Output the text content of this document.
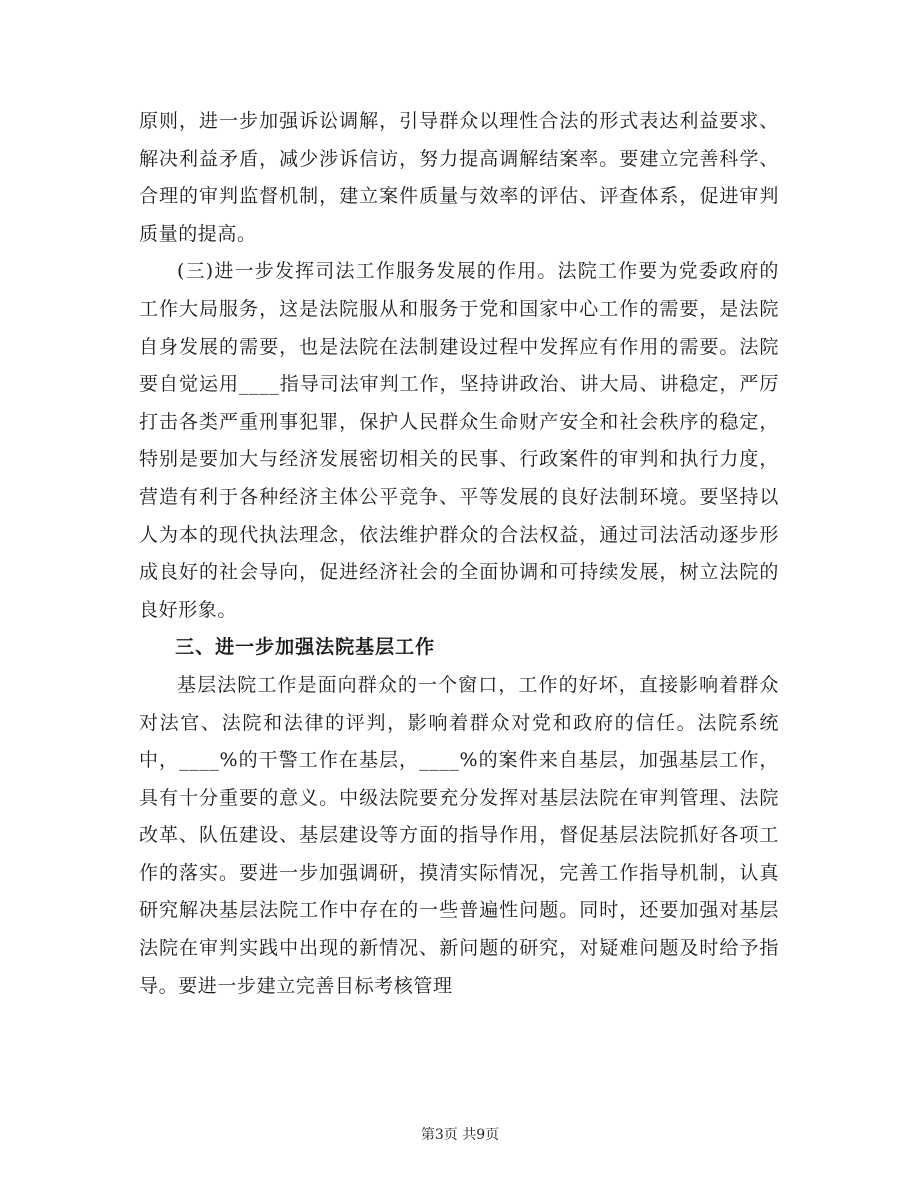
原则，进一步加强诉讼调解，引导群众以理性合法的形式表达利益要求、解决利益矛盾，减少涉诉信访，努力提高调解结案率。要建立完善科学、合理的审判监督机制，建立案件质量与效率的评估、评查体系，促进审判质量的提高。

(三)进一步发挥司法工作服务发展的作用。法院工作要为党委政府的工作大局服务，这是法院服从和服务于党和国家中心工作的需要，是法院自身发展的需要，也是法院在法制建设过程中发挥应有作用的需要。法院要自觉运用____指导司法审判工作，坚持讲政治、讲大局、讲稳定，严厉打击各类严重刑事犯罪，保护人民群众生命财产安全和社会秩序的稳定，特别是要加大与经济发展密切相关的民事、行政案件的审判和执行力度，营造有利于各种经济主体公平竞争、平等发展的良好法制环境。要坚持以人为本的现代执法理念，依法维护群众的合法权益，通过司法活动逐步形成良好的社会导向，促进经济社会的全面协调和可持续发展，树立法院的良好形象。

三、进一步加强法院基层工作

基层法院工作是面向群众的一个窗口，工作的好坏，直接影响着群众对法官、法院和法律的评判，影响着群众对党和政府的信任。法院系统中，____%的干警工作在基层，____%的案件来自基层，加强基层工作，具有十分重要的意义。中级法院要充分发挥对基层法院在审判管理、法院改革、队伍建设、基层建设等方面的指导作用，督促基层法院抓好各项工作的落实。要进一步加强调研，摸清实际情况，完善工作指导机制，认真研究解决基层法院工作中存在的一些普遍性问题。同时，还要加强对基层法院在审判实践中出现的新情况、新问题的研究，对疑难问题及时给予指导。要进一步建立完善目标考核管理

第3页 共9页
